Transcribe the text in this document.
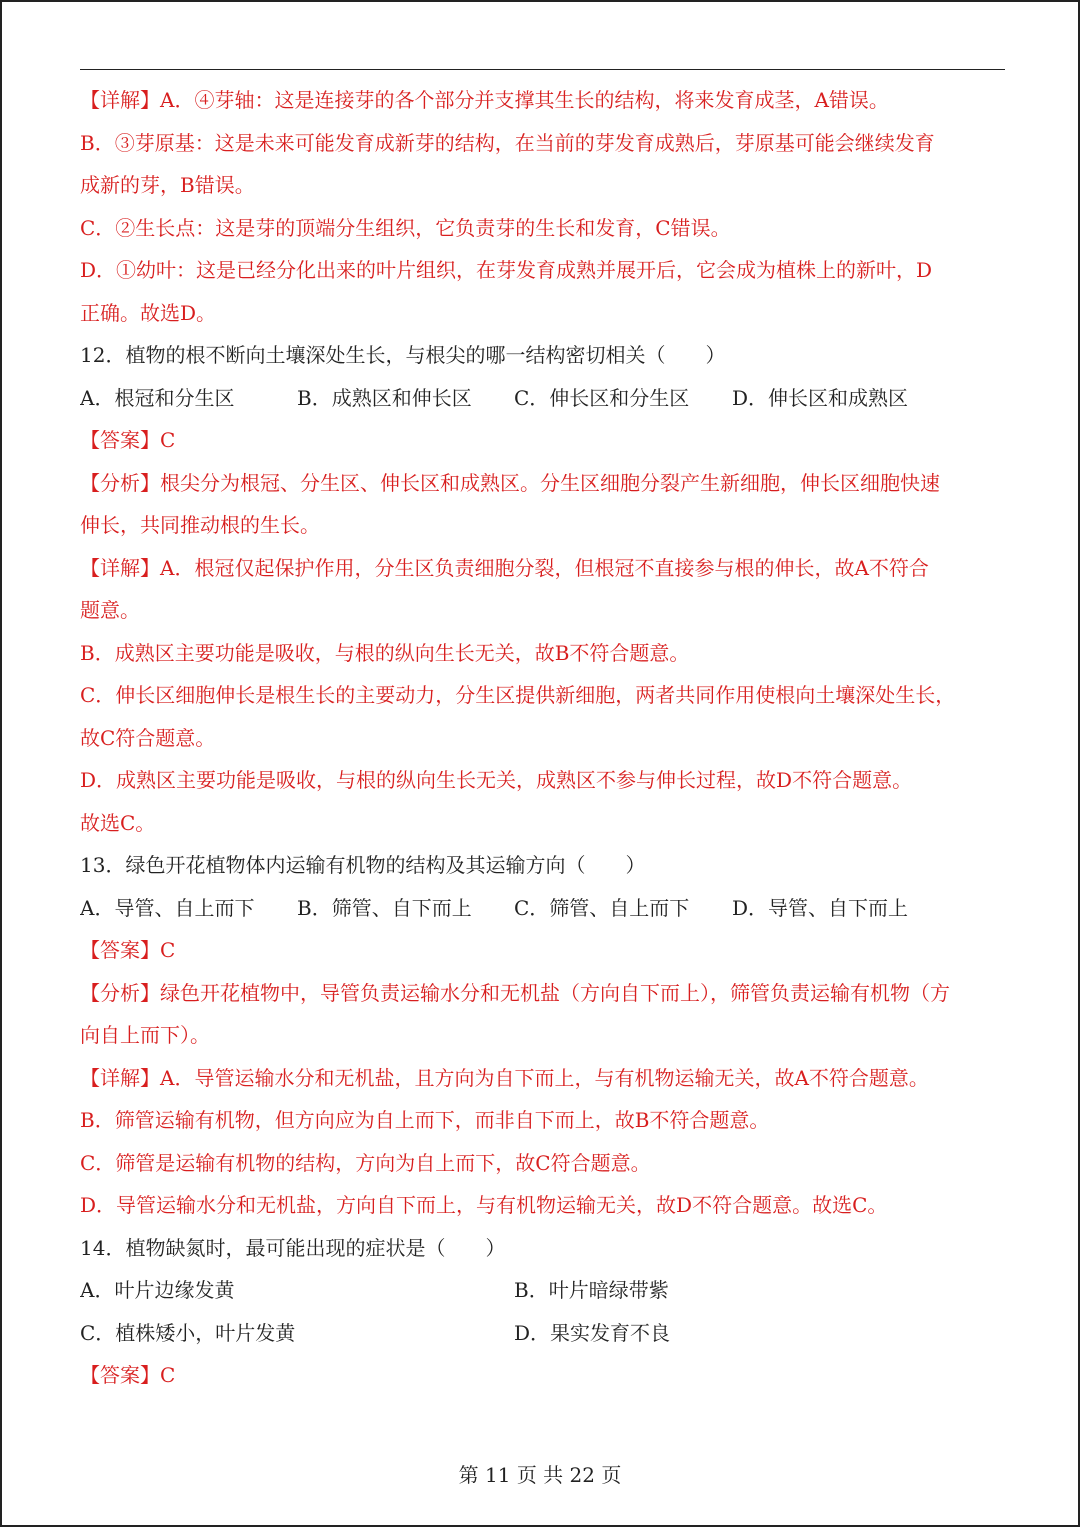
【详解】A．④芽轴：这是连接芽的各个部分并支撑其生长的结构，将来发育成茎，A错误。
B．③芽原基：这是未来可能发育成新芽的结构，在当前的芽发育成熟后，芽原基可能会继续发育
成新的芽，B错误。
C．②生长点：这是芽的顶端分生组织，它负责芽的生长和发育，C错误。
D．①幼叶：这是已经分化出来的叶片组织，在芽发育成熟并展开后，它会成为植株上的新叶，D
正确。故选D。
12．植物的根不断向土壤深处生长，与根尖的哪一结构密切相关（　　）
A．根冠和分生区	B．成熟区和伸长区	C．伸长区和分生区	D．伸长区和成熟区
【答案】C
【分析】根尖分为根冠、分生区、伸长区和成熟区。分生区细胞分裂产生新细胞，伸长区细胞快速
伸长，共同推动根的生长。
【详解】A．根冠仅起保护作用，分生区负责细胞分裂，但根冠不直接参与根的伸长，故A不符合
题意。
B．成熟区主要功能是吸收，与根的纵向生长无关，故B不符合题意。
C．伸长区细胞伸长是根生长的主要动力，分生区提供新细胞，两者共同作用使根向土壤深处生长，
故C符合题意。
D．成熟区主要功能是吸收，与根的纵向生长无关，成熟区不参与伸长过程，故D不符合题意。
故选C。
13．绿色开花植物体内运输有机物的结构及其运输方向（　　）
A．导管、自上而下	B．筛管、自下而上	C．筛管、自上而下	D．导管、自下而上
【答案】C
【分析】绿色开花植物中，导管负责运输水分和无机盐（方向自下而上），筛管负责运输有机物（方
向自上而下）。
【详解】A．导管运输水分和无机盐，且方向为自下而上，与有机物运输无关，故A不符合题意。
B．筛管运输有机物，但方向应为自上而下，而非自下而上，故B不符合题意。
C．筛管是运输有机物的结构，方向为自上而下，故C符合题意。
D．导管运输水分和无机盐，方向自下而上，与有机物运输无关，故D不符合题意。故选C。
14．植物缺氮时，最可能出现的症状是（　　）
A．叶片边缘发黄	B．叶片暗绿带紫
C．植株矮小，叶片发黄	D．果实发育不良
【答案】C
第 11 页 共 22 页
